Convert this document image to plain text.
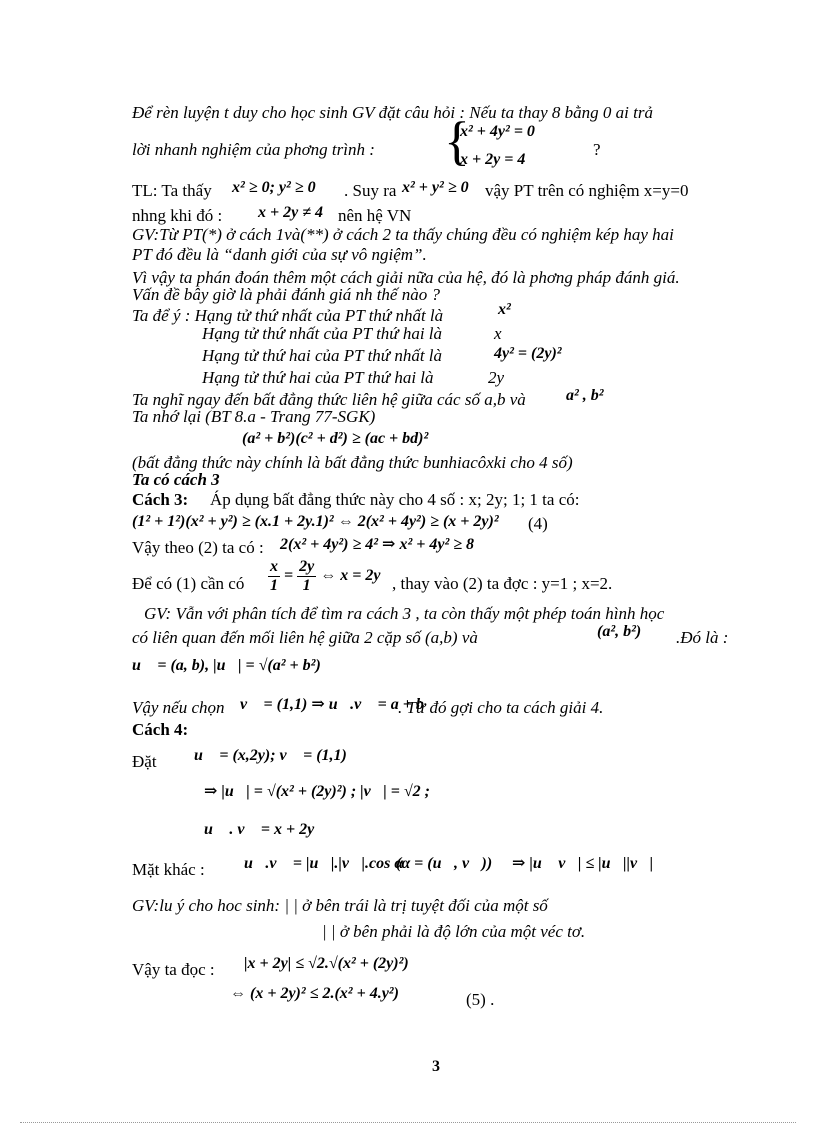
Để rèn luyện t duy cho học sinh GV đặt câu hỏi : Nếu ta thay 8 bằng 0 ai trả
lời nhanh nghiệm của phơng trình : {
x² + 4y² = 0
x + 2y = 4
?
TL: Ta thấy x² ≥ 0; y² ≥ 0 . Suy ra x² + y² ≥ 0 vậy PT trên có nghiệm x=y=0
nhng khi đó : x + 2y ≠ 4 nên hệ VN
GV:Từ PT(*) ở cách 1và(**) ở cách 2 ta thấy chúng đều có nghiệm kép hay hai
PT đó đều là “danh giới của sự vô ngiệm”.
Vì vậy ta phán đoán thêm một cách giải nữa của hệ, đó là phơng pháp đánh giá.
Vấn đề bây giờ là phải đánh giá nh thế nào ?
Ta để ý : Hạng tử thứ nhất của PT thứ nhất là	x²
Hạng tử thứ nhất của PT thứ hai là	x
Hạng tử thứ hai của PT thứ nhất là	4y² = (2y)²
Hạng tử thứ hai của PT thứ hai là	2y
Ta nghĩ ngay đến bất đẳng thức liên hệ giữa các số a,b và	a² , b²
Ta nhớ lại (BT 8.a - Trang 77-SGK)
(a² + b²)(c² + d²) ≥ (ac + bd)²
(bất đẳng thức này chính là bất đẳng thức bunhiacôxki cho 4 số)
Ta có cách 3
Cách 3: Áp dụng bất đẳng thức này cho 4 số : x; 2y; 1; 1 ta có:
(1² + 1²)(x² + y²) ≥ (x.1 + 2y.1)² ⇔ 2(x² + 4y²) ≥ (x + 2y)² (4)
Vậy theo (2) ta có : 2(x² + 4y²) ≥ 4² ⇒ x² + 4y² ≥ 8
Để có (1) cần có $\frac{x}{1} = \frac{2y}{1}$ ⇔ x = 2y , thay vào (2) ta đợc : y=1 ; x=2.
GV: Vẫn với phân tích để tìm ra cách 3 , ta còn thấy một phép toán hình học
có liên quan đến mối liên hệ giữa 2 cặp số (a,b) và	(a², b²) .Đó là :
u⃗ = (a, b), |u⃗| = √(a² + b²)
Vậy nếu chọn v⃗ = (1,1) ⇒ u⃗.v⃗ = a + b
. Từ đó gợi cho ta cách giải 4.
Cách 4:
Đặt u⃗ = (x,2y); v⃗ = (1,1)
⇒ |u⃗| = √(x² + (2y)²) ; |v⃗| = √2 ;
u⃗ . v⃗ = x + 2y
Mặt khác : u⃗.v⃗ = |u⃗|.|v⃗|.cos α
(α = (u⃗, v⃗)) ⇒ |u⃗ v⃗| ≤ |u⃗||v⃗|
GV:lu ý cho hoc sinh: | | ở bên trái là trị tuyệt đối của một số
| | ở bên phải là độ lớn của một véc tơ.
Vậy ta đọc : |x + 2y| ≤ √2.√(x² + (2y)²)
⇔ (x + 2y)² ≤ 2.(x² + 4.y²)	(5) .
3
